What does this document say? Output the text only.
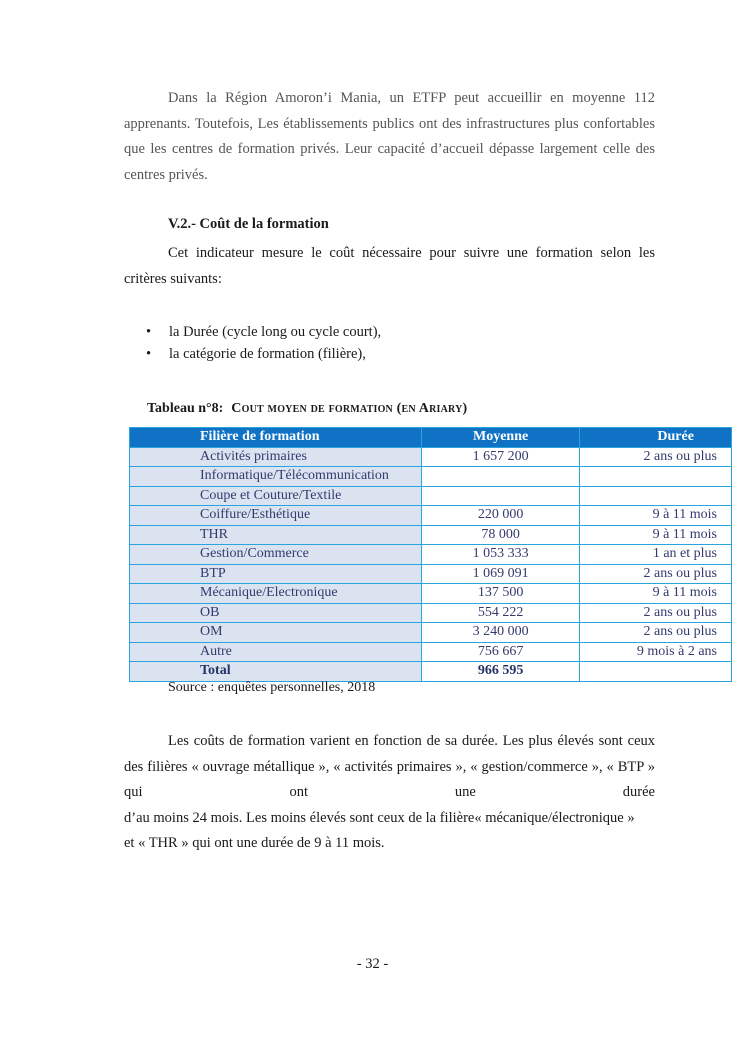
Dans la Région Amoron’i Mania, un ETFP peut accueillir en moyenne 112 apprenants. Toutefois, Les établissements publics ont des infrastructures plus confortables que les centres de formation privés. Leur capacité d’accueil dépasse largement celle des centres privés.
V.2.- Coût de la formation
Cet indicateur mesure le coût nécessaire pour suivre une formation selon les critères suivants:
• la Durée (cycle long ou cycle court),
• la catégorie de formation (filière),
Tableau n°8: Cout moyen de formation (en Ariary)
Filière de formation	Moyenne	Durée
Activités primaires	1 657 200	2 ans ou plus
Informatique/Télécommunication		
Coupe et Couture/Textile		
Coiffure/Esthétique	220 000	9 à 11 mois
THR	78 000	9 à 11 mois
Gestion/Commerce	1 053 333	1 an et plus
BTP	1 069 091	2 ans ou plus
Mécanique/Electronique	137 500	9 à 11 mois
OB	554 222	2 ans ou plus
OM	3 240 000	2 ans ou plus
Autre	756 667	9 mois à 2 ans
Total	966 595	
Source : enquêtes personnelles, 2018
Les coûts de formation varient en fonction de sa durée. Les plus élevés sont ceux
des filières « ouvrage métallique », « activités primaires », « gestion/commerce », « BTP »
qui	ont	une	durée
d’au moins 24 mois. Les moins élevés sont ceux de la filière« mécanique/électronique »
et « THR » qui ont une durée de 9 à 11 mois.
- 32 -
